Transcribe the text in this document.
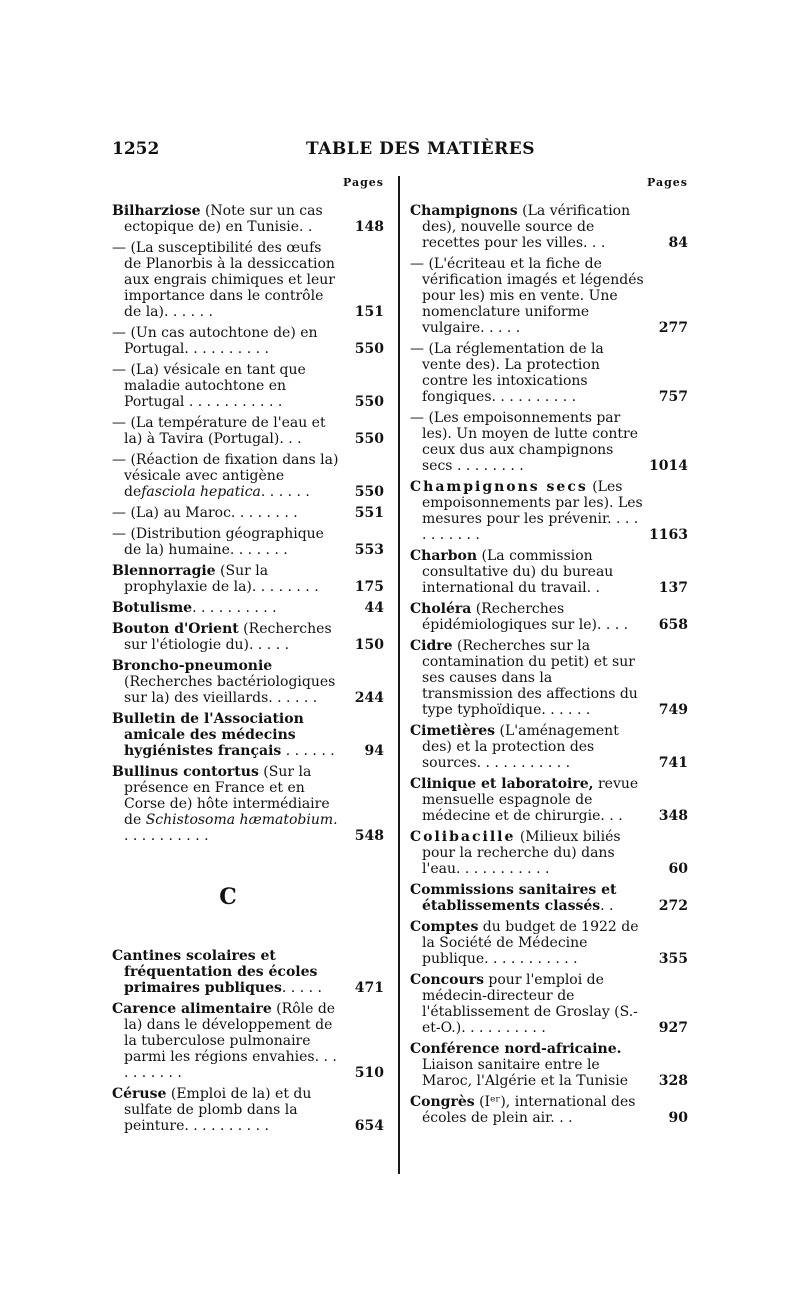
1252	TABLE DES MATIÈRES
Pages
Bilharziose (Note sur un cas ectopique de) en Tunisie. .	148
— (La susceptibilité des œufs de Planorbis à la dessiccation aux engrais chimiques et leur importance dans le contrôle de la). . . . . .	151
— (Un cas autochtone de) en Portugal. . . . . . . . . .	550
— (La) vésicale en tant que maladie autochtone en Portugal . . . . . . . . . . .	550
— (La température de l'eau et la) à Tavira (Portugal). . .	550
— (Réaction de fixation dans la) vésicale avec antigène defasciola hepatica. . . . . .	550
— (La) au Maroc. . . . . . . .	551
— (Distribution géographique de la) humaine. . . . . . .	553
Blennorragie (Sur la prophylaxie de la). . . . . . . .	175
Botulisme. . . . . . . . . .	44
Bouton d'Orient (Recherches sur l'étiologie du). . . . .	150
Broncho-pneumonie (Recherches bactériologiques sur la) des vieillards. . . . . .	244
Bulletin de l'Association amicale des médecins hygiénistes français . . . . . .	94
Bullinus contortus (Sur la présence en France et en Corse de) hôte intermédiaire de Schistosoma hæmatobium. . . . . . . . . . .	548
C
Cantines scolaires et fréquentation des écoles primaires publiques. . . . .	471
Carence alimentaire (Rôle de la) dans le développement de la tuberculose pulmonaire parmi les régions envahies. . . . . . . . . .	510
Céruse (Emploi de la) et du sulfate de plomb dans la peinture. . . . . . . . . .	654
Pages
Champignons (La vérification des), nouvelle source de recettes pour les villes. . .	84
— (L'écriteau et la fiche de vérification imagés et légendés pour les) mis en vente. Une nomenclature uniforme vulgaire. . . . .	277
— (La réglementation de la vente des). La protection contre les intoxications fongiques. . . . . . . . . .	757
— (Les empoisonnements par les). Un moyen de lutte contre ceux dus aux champignons secs . . . . . . . .	1014
Champignons secs (Les empoisonnements par les). Les mesures pour les prévenir. . . . . . . . . . .	1163
Charbon (La commission consultative du) du bureau international du travail. .	137
Choléra (Recherches épidémiologiques sur le). . . .	658
Cidre (Recherches sur la contamination du petit) et sur ses causes dans la transmission des affections du type typhoïdique. . . . . .	749
Cimetières (L'aménagement des) et la protection des sources. . . . . . . . . . .	741
Clinique et laboratoire, revue mensuelle espagnole de médecine et de chirurgie. . .	348
Colibacille (Milieux biliés pour la recherche du) dans l'eau. . . . . . . . . . .	60
Commissions sanitaires et établissements classés. .	272
Comptes du budget de 1922 de la Société de Médecine publique. . . . . . . . . . .	355
Concours pour l'emploi de médecin-directeur de l'établissement de Groslay (S.-et-O.). . . . . . . . . .	927
Conférence nord-africaine. Liaison sanitaire entre le Maroc, l'Algérie et la Tunisie	328
Congrès (Iᵉʳ), international des écoles de plein air. . .	90
